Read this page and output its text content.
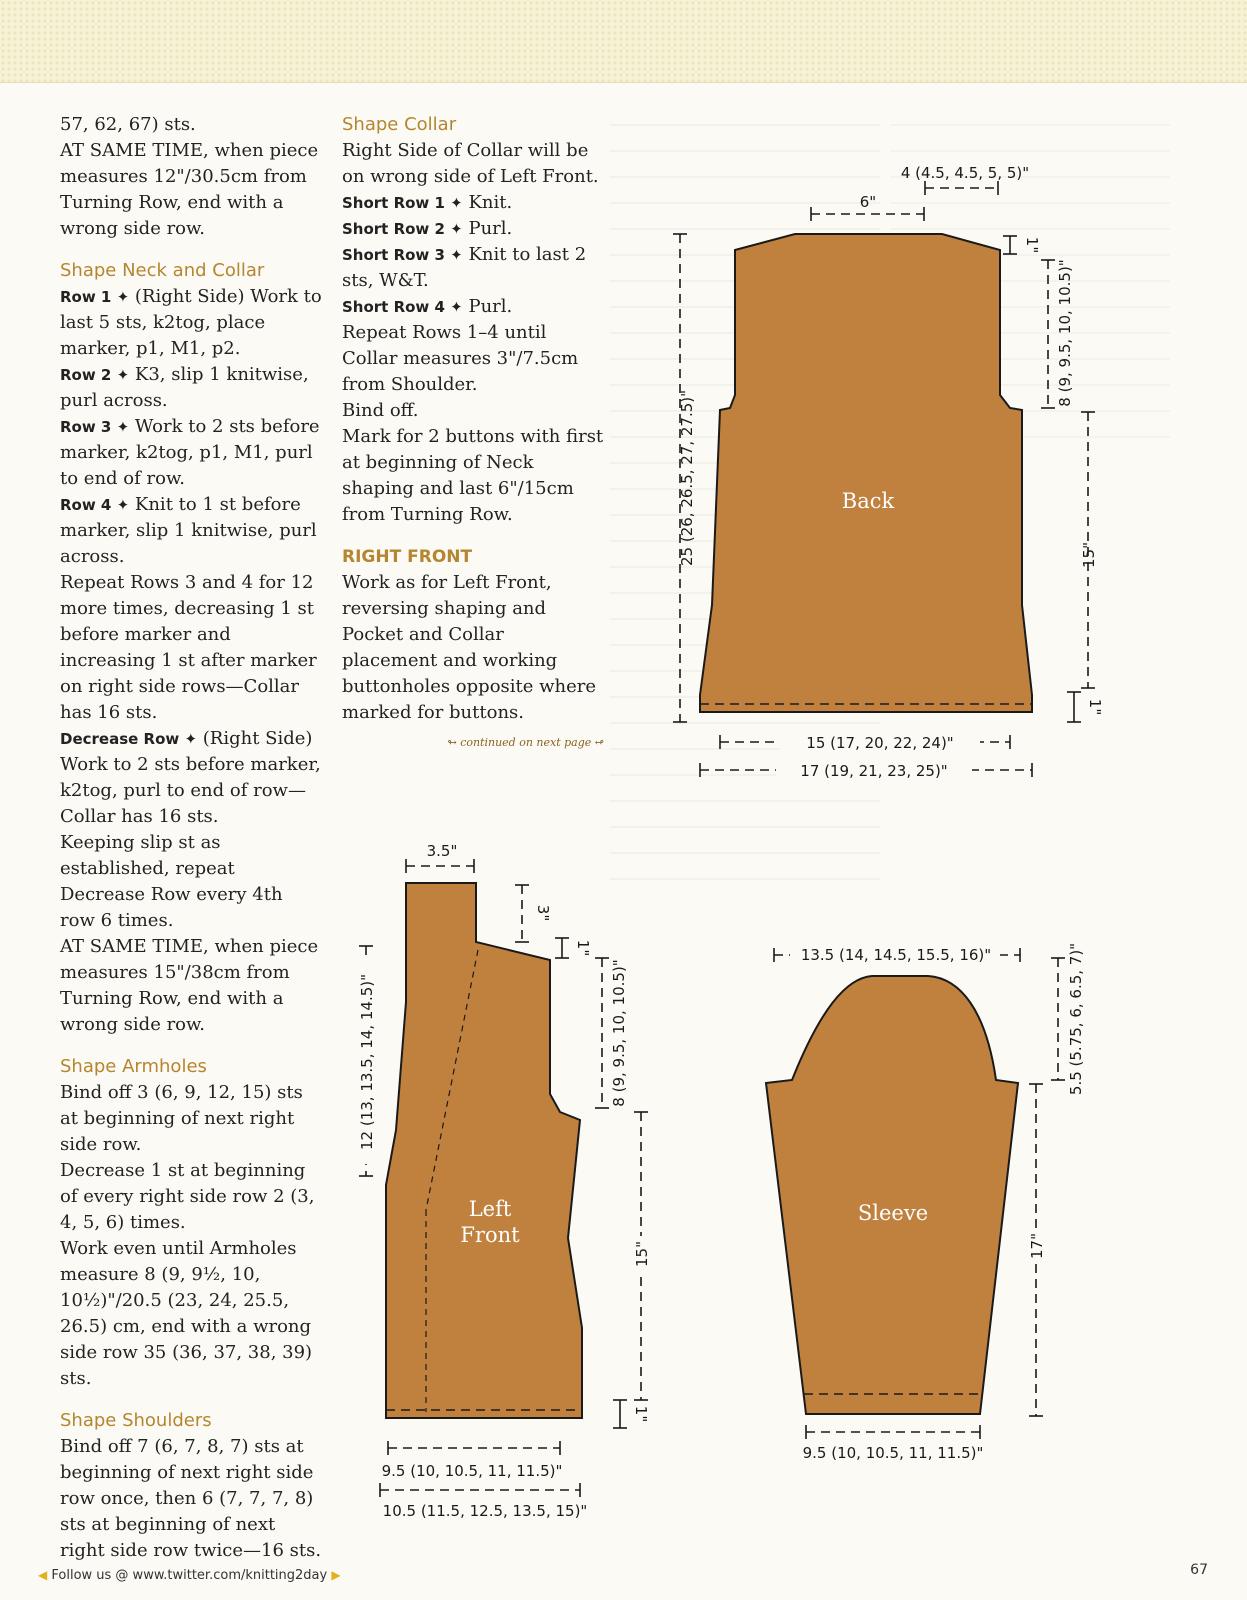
57, 62, 67) sts.

AT SAME TIME, when piece measures 12"/30.5cm from Turning Row, end with a wrong side row.

Shape Neck and Collar

Row 1 ✦ (Right Side) Work to last 5 sts, k2tog, place marker, p1, M1, p2.

Row 2 ✦ K3, slip 1 knitwise, purl across.

Row 3 ✦ Work to 2 sts before marker, k2tog, p1, M1, purl to end of row.

Row 4 ✦ Knit to 1 st before marker, slip 1 knitwise, purl across.

Repeat Rows 3 and 4 for 12 more times, decreasing 1 st before marker and increasing 1 st after marker on right side rows—Collar has 16 sts.

Decrease Row ✦ (Right Side) Work to 2 sts before marker, k2tog, purl to end of row—Collar has 16 sts.

Keeping slip st as established, repeat Decrease Row every 4th row 6 times.

AT SAME TIME, when piece measures 15"/38cm from Turning Row, end with a wrong side row.

Shape Armholes

Bind off 3 (6, 9, 12, 15) sts at beginning of next right side row.

Decrease 1 st at beginning of every right side row 2 (3, 4, 5, 6) times.

Work even until Armholes measure 8 (9, 9½, 10, 10½)"/20.5 (23, 24, 25.5, 26.5) cm, end with a wrong side row 35 (36, 37, 38, 39) sts.

Shape Shoulders

Bind off 7 (6, 7, 8, 7) sts at beginning of next right side row once, then 6 (7, 7, 7, 8) sts at beginning of next right side row twice—16 sts.

Shape Collar

Right Side of Collar will be on wrong side of Left Front.

Short Row 1 ✦ Knit.

Short Row 2 ✦ Purl.

Short Row 3 ✦ Knit to last 2 sts, W&T.

Short Row 4 ✦ Purl.

Repeat Rows 1–4 until Collar measures 3"/7.5cm from Shoulder.

Bind off.

Mark for 2 buttons with first at beginning of Neck shaping and last 6"/15cm from Turning Row.

RIGHT FRONT

Work as for Left Front, reversing shaping and Pocket and Collar placement and working buttonholes opposite where marked for buttons.

↬ continued on next page ↫

Back
4 (4.5, 4.5, 5, 5)"
6"
1"
8 (9, 9.5, 10, 10.5)"
15"
1"
25 (26, 26.5, 27, 27.5)"
15 (17, 20, 22, 24)"
17 (19, 21, 23, 25)"
Left
Front
3.5"
3"
1"
12 (13, 13.5, 14, 14.5)"	8 (9, 9.5, 10, 10.5)"
15"
1"
9.5 (10, 10.5, 11, 11.5)"
10.5 (11.5, 12.5, 13.5, 15)"
Sleeve
13.5 (14, 14.5, 15.5, 16)"	5.5 (5.75, 6, 6.5, 7)"
17"
9.5 (10, 10.5, 11, 11.5)"
◀ Follow us @ www.twitter.com/knitting2day ▶	67
